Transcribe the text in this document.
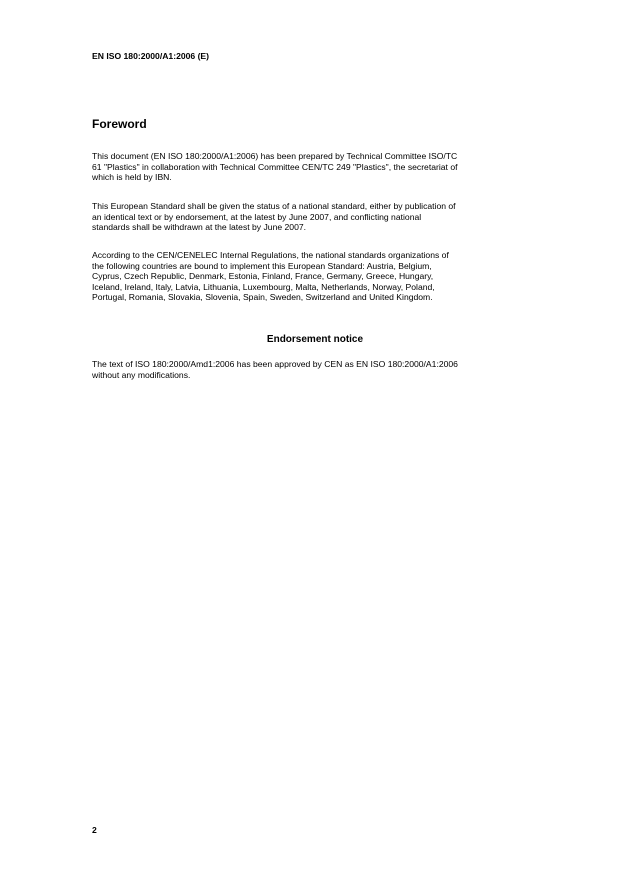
EN ISO 180:2000/A1:2006 (E)
Foreword
This document (EN ISO 180:2000/A1:2006) has been prepared by Technical Committee ISO/TC
61 "Plastics" in collaboration with Technical Committee CEN/TC 249 "Plastics", the secretariat of
which is held by IBN.
This European Standard shall be given the status of a national standard, either by publication of
an identical text or by endorsement, at the latest by June 2007, and conflicting national
standards shall be withdrawn at the latest by June 2007.
According to the CEN/CENELEC Internal Regulations, the national standards organizations of
the following countries are bound to implement this European Standard: Austria, Belgium,
Cyprus, Czech Republic, Denmark, Estonia, Finland, France, Germany, Greece, Hungary,
Iceland, Ireland, Italy, Latvia, Lithuania, Luxembourg, Malta, Netherlands, Norway, Poland,
Portugal, Romania, Slovakia, Slovenia, Spain, Sweden, Switzerland and United Kingdom.
Endorsement notice
The text of ISO 180:2000/Amd1:2006 has been approved by CEN as EN ISO 180:2000/A1:2006
without any modifications.
2
